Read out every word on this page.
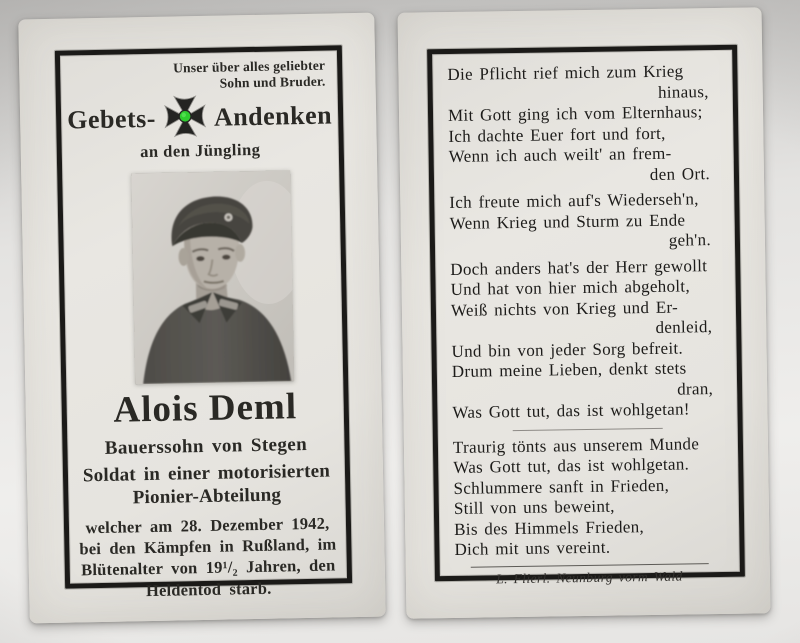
Unser über alles geliebter
Sohn und Bruder.
Gebets- Andenken
an den Jüngling
Alois Deml
Bauerssohn von Stegen
Soldat in einer motorisierten
Pionier-Abteilung
welcher am 28. Dezember 1942,
bei den Kämpfen in Rußland, im
Blütenalter von 19¹/₂ Jahren, den
Heldentod starb.
Die Pflicht rief mich zum Krieg
hinaus,
Mit Gott ging ich vom Elternhaus;
Ich dachte Euer fort und fort,
Wenn ich auch weilt' an frem-
den Ort.
Ich freute mich auf's Wiederseh'n,
Wenn Krieg und Sturm zu Ende
geh'n.
Doch anders hat's der Herr gewollt
Und hat von hier mich abgeholt,
Weiß nichts von Krieg und Er-
denleid,
Und bin von jeder Sorg befreit.
Drum meine Lieben, denkt stets
dran,
Was Gott tut, das ist wohlgetan!
Traurig tönts aus unserem Munde
Was Gott tut, das ist wohlgetan.
Schlummere sanft in Frieden,
Still von uns beweint,
Bis des Himmels Frieden,
Dich mit uns vereint.
L. Flierl. Neunburg vorm Wald
